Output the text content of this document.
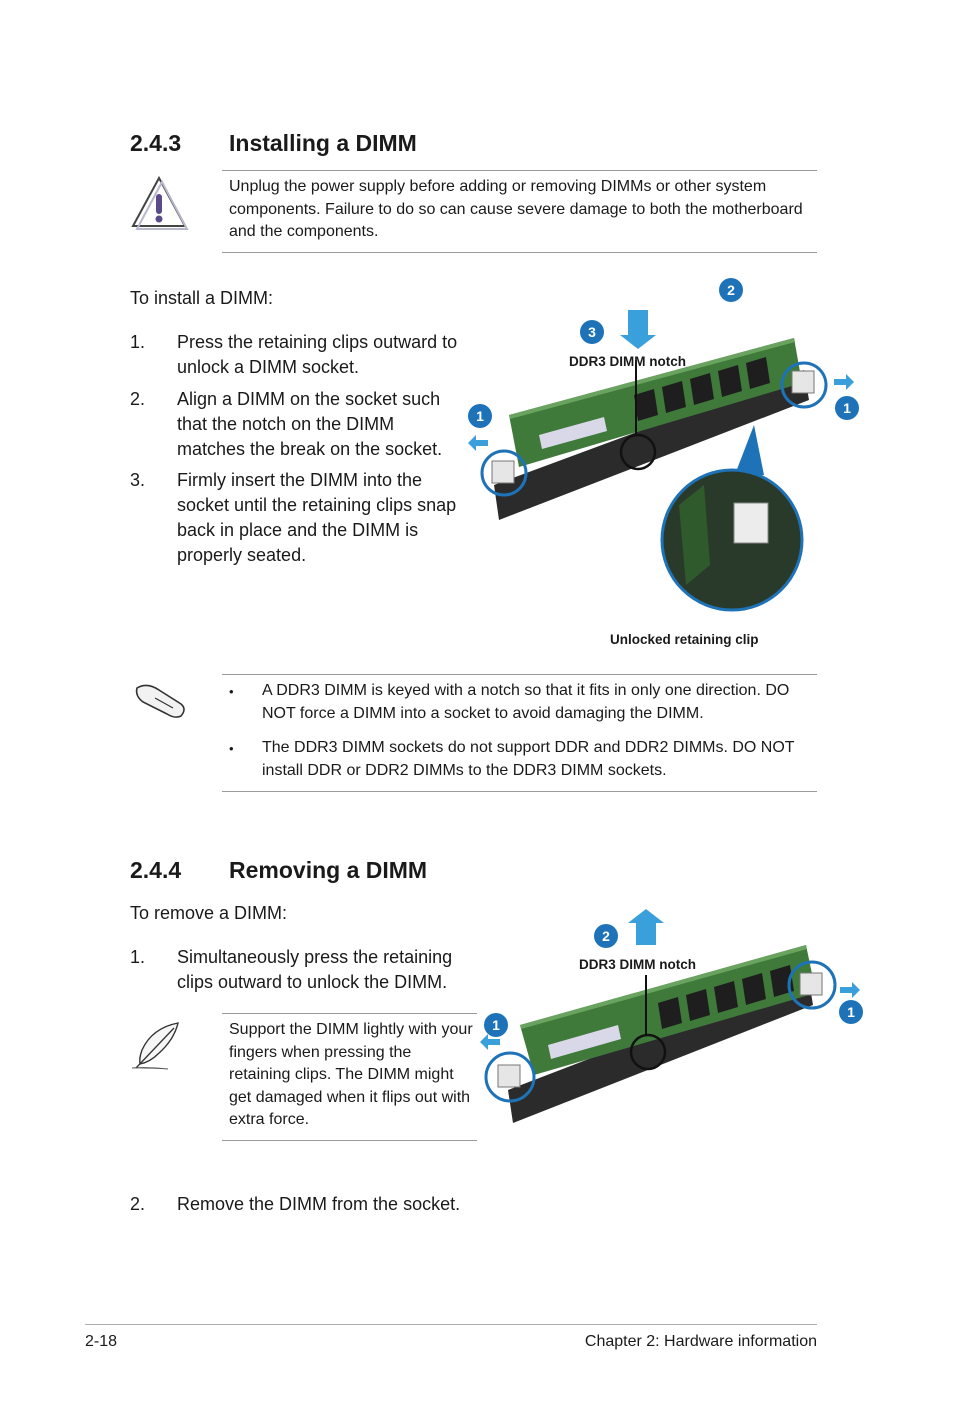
2.4.3 Installing a DIMM
Unplug the power supply before adding or removing DIMMs or other system components. Failure to do so can cause severe damage to both the motherboard and the components.
To install a DIMM:
1.	Press the retaining clips outward to unlock a DIMM socket.
2.	Align a DIMM on the socket such that the notch on the DIMM matches the break on the socket.
3.	Firmly insert the DIMM into the socket until the retaining clips snap back in place and the DIMM is properly seated.
2
3
1	1
DDR3 DIMM notch
Unlocked retaining clip
• A DDR3 DIMM is keyed with a notch so that it fits in only one direction. DO NOT force a DIMM into a socket to avoid damaging the DIMM.
• The DDR3 DIMM sockets do not support DDR and DDR2 DIMMs. DO NOT install DDR or DDR2 DIMMs to the DDR3 DIMM sockets.
2.4.4 Removing a DIMM
To remove a DIMM:
1.	Simultaneously press the retaining clips outward to unlock the DIMM.
Support the DIMM lightly with your fingers when pressing the retaining clips. The DIMM might get damaged when it flips out with extra force.
2.	Remove the DIMM from the socket.
2
1
1
DDR3 DIMM notch
2-18	Chapter 2: Hardware information
